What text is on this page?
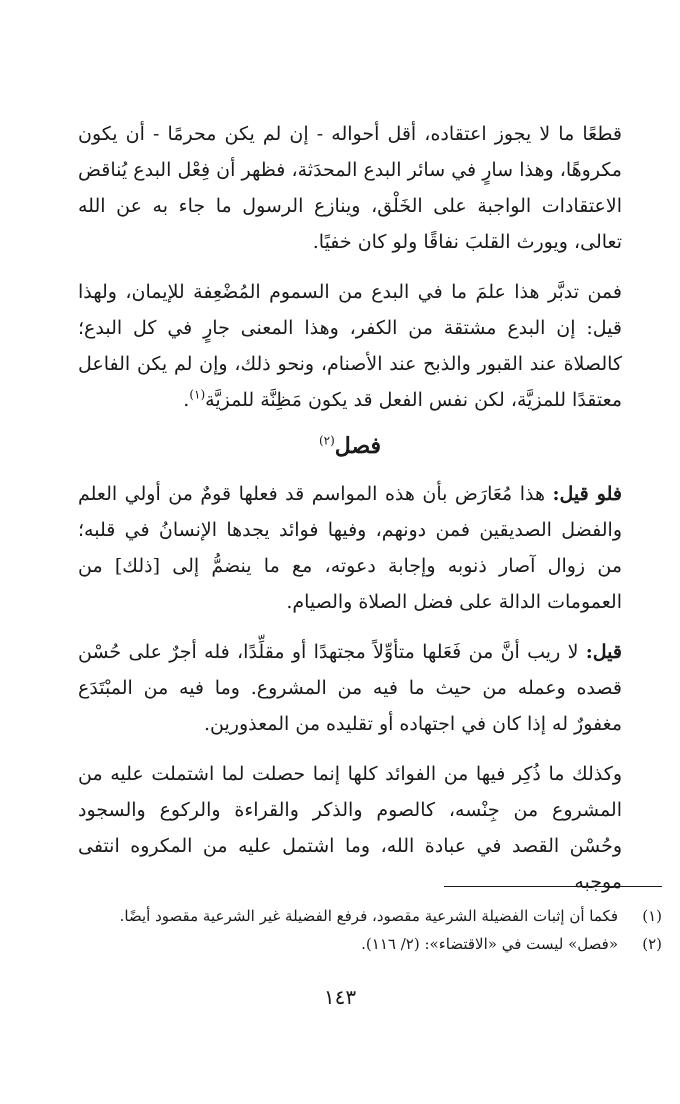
قطعًا ما لا يجوز اعتقاده، أقل أحواله - إن لم يكن محرمًا - أن يكون مكروهًا، وهذا سارٍ في سائر البدع المحدَثة، فظهر أن فِعْل البدع يُناقض الاعتقادات الواجبة على الخَلْق، وينازع الرسول ما جاء به عن الله تعالى، ويورث القلبَ نفاقًا ولو كان خفيًا.

فمن تدبَّر هذا علمَ ما في البدع من السموم المُضْعِفة للإيمان، ولهذا قيل: إن البدع مشتقة من الكفر، وهذا المعنى جارٍ في كل البدع؛ كالصلاة عند القبور والذبح عند الأصنام، ونحو ذلك، وإن لم يكن الفاعل معتقدًا للمزيَّة، لكن نفس الفعل قد يكون مَظِنَّة للمزيَّة$^{(١)}$.

فصل$^{(٢)}$

فلو قيل: هذا مُعَارَض بأن هذه المواسم قد فعلها قومٌ من أولي العلم والفضل الصديقين فمن دونهم، وفيها فوائد يجدها الإنسانُ في قلبه؛ من زوال آصار ذنوبه وإجابة دعوته، مع ما ينضمُّ إلى [ذلك] من العمومات الدالة على فضل الصلاة والصيام.

قيل: لا ريب أنَّ من فَعَلها متأوِّلاً مجتهدًا أو مقلِّدًا، فله أجرٌ على حُسْن قصده وعمله من حيث ما فيه من المشروع. وما فيه من المبْتَدَع مغفورٌ له إذا كان في اجتهاده أو تقليده من المعذورين.

وكذلك ما ذُكِر فيها من الفوائد كلها إنما حصلت لما اشتملت عليه من المشروع من جِنْسه، كالصوم والذكر والقراءة والركوع والسجود وحُسْن القصد في عبادة الله، وما اشتمل عليه من المكروه انتفى موجبه

(١)
فكما أن إثبات الفضيلة الشرعية مقصود، فرفع الفضيلة غير الشرعية مقصود أيضًا.
(٢)
«فصل» ليست في «الاقتضاء»: (٢/ ١١٦).
١٤٣
